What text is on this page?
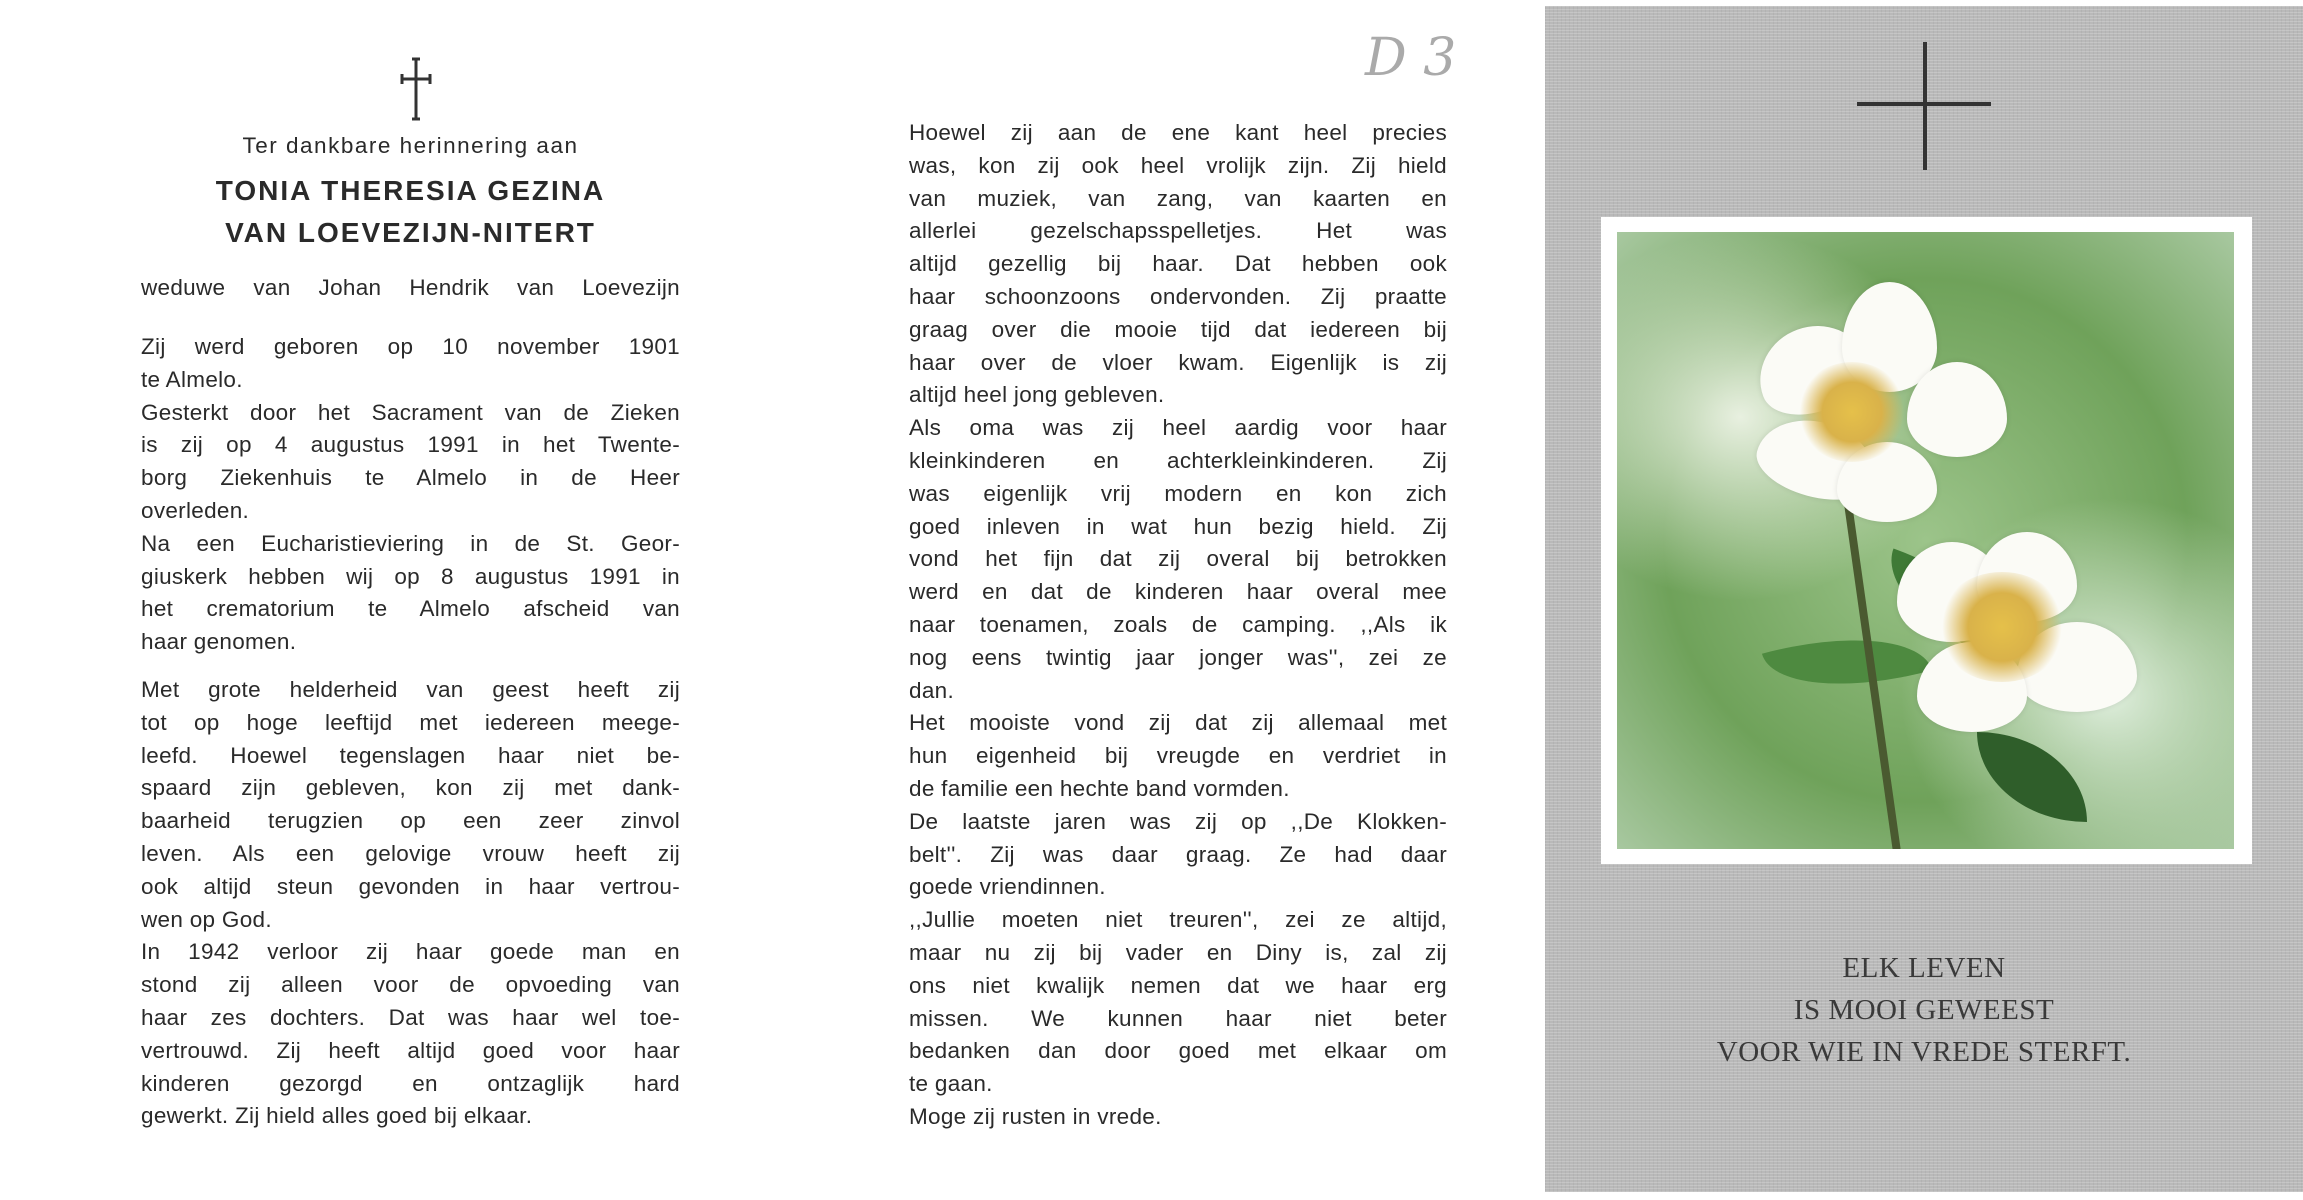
D 3
Ter dankbare herinnering aan
TONIA THERESIA GEZINA
VAN LOEVEZIJN-NITERT
weduwe van Johan Hendrik van Loevezijn
Zij werd geboren op 10 november 1901
te Almelo.
Gesterkt door het Sacrament van de Zieken
is zij op 4 augustus 1991 in het Twente-
borg Ziekenhuis te Almelo in de Heer
overleden.
Na een Eucharistieviering in de St. Geor-
giuskerk hebben wij op 8 augustus 1991 in
het crematorium te Almelo afscheid van
haar genomen.
Met grote helderheid van geest heeft zij
tot op hoge leeftijd met iedereen meege-
leefd. Hoewel tegenslagen haar niet be-
spaard zijn gebleven, kon zij met dank-
baarheid terugzien op een zeer zinvol
leven. Als een gelovige vrouw heeft zij
ook altijd steun gevonden in haar vertrou-
wen op God.
In 1942 verloor zij haar goede man en
stond zij alleen voor de opvoeding van
haar zes dochters. Dat was haar wel toe-
vertrouwd. Zij heeft altijd goed voor haar
kinderen gezorgd en ontzaglijk hard
gewerkt. Zij hield alles goed bij elkaar.
Hoewel zij aan de ene kant heel precies
was, kon zij ook heel vrolijk zijn. Zij hield
van muziek, van zang, van kaarten en
allerlei gezelschapsspelletjes. Het was
altijd gezellig bij haar. Dat hebben ook
haar schoonzoons ondervonden. Zij praatte
graag over die mooie tijd dat iedereen bij
haar over de vloer kwam. Eigenlijk is zij
altijd heel jong gebleven.
Als oma was zij heel aardig voor haar
kleinkinderen en achterkleinkinderen. Zij
was eigenlijk vrij modern en kon zich
goed inleven in wat hun bezig hield. Zij
vond het fijn dat zij overal bij betrokken
werd en dat de kinderen haar overal mee
naar toenamen, zoals de camping. ,,Als ik
nog eens twintig jaar jonger was'', zei ze
dan.
Het mooiste vond zij dat zij allemaal met
hun eigenheid bij vreugde en verdriet in
de familie een hechte band vormden.
De laatste jaren was zij op ,,De Klokken-
belt''. Zij was daar graag. Ze had daar
goede vriendinnen.
,,Jullie moeten niet treuren'', zei ze altijd,
maar nu zij bij vader en Diny is, zal zij
ons niet kwalijk nemen dat we haar erg
missen. We kunnen haar niet beter
bedanken dan door goed met elkaar om
te gaan.
Moge zij rusten in vrede.
ELK LEVEN
IS MOOI GEWEEST
VOOR WIE IN VREDE STERFT.
